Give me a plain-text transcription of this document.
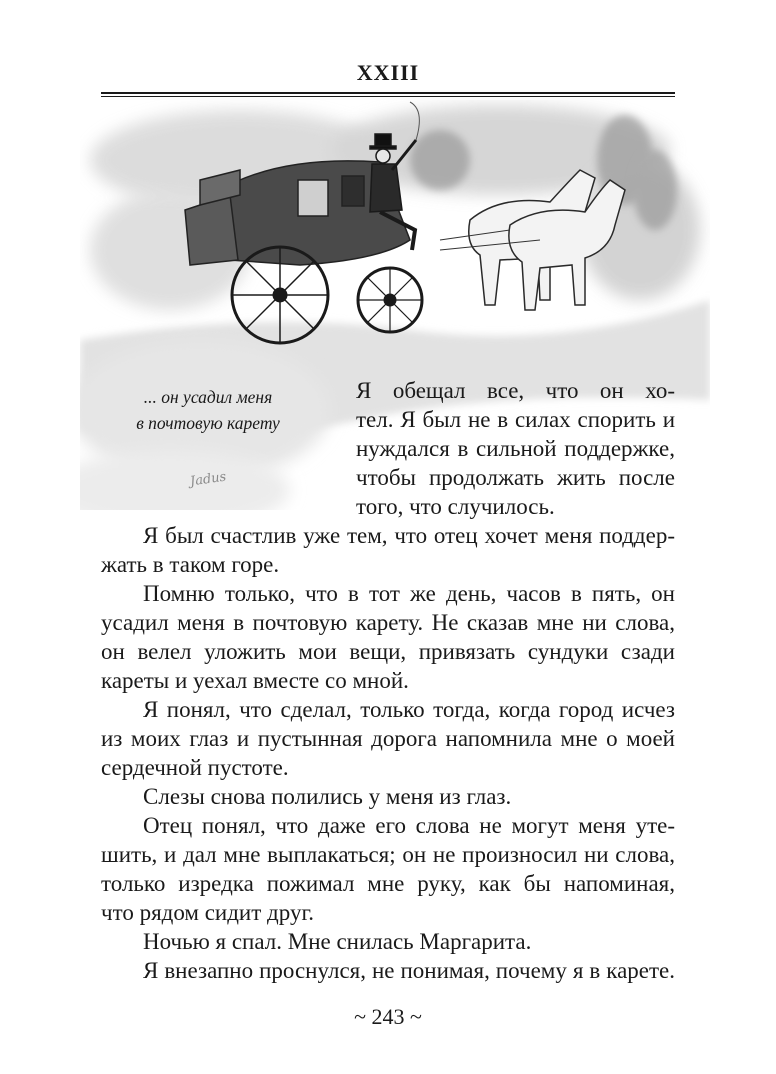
XXIII
... он усадил меня
в почтовую карету
Jadus
Я обещал все, что он хо-
тел. Я был не в силах спорить и
нуждался в сильной поддержке,
чтобы продолжать жить после
того, что случилось.
Я был счастлив уже тем, что отец хочет меня поддер-
жать в таком горе.
Помню только, что в тот же день, часов в пять, он
усадил меня в почтовую карету. Не сказав мне ни слова,
он велел уложить мои вещи, привязать сундуки сзади
кареты и уехал вместе со мной.
Я понял, что сделал, только тогда, когда город исчез
из моих глаз и пустынная дорога напомнила мне о моей
сердечной пустоте.
Слезы снова полились у меня из глаз.
Отец понял, что даже его слова не могут меня уте-
шить, и дал мне выплакаться; он не произносил ни слова,
только изредка пожимал мне руку, как бы напоминая,
что рядом сидит друг.
Ночью я спал. Мне снилась Маргарита.
Я внезапно проснулся, не понимая, почему я в карете.
~ 243 ~
